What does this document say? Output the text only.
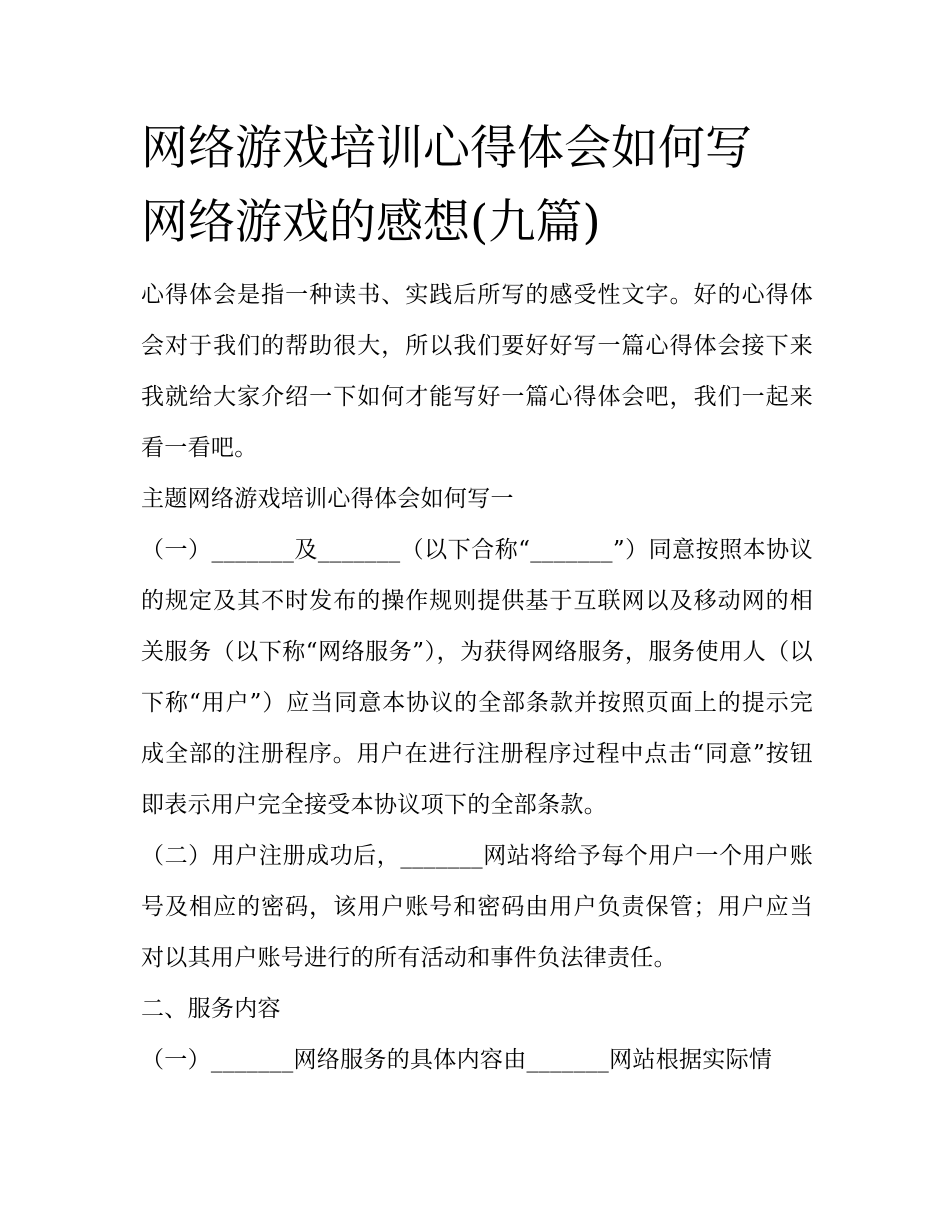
网络游戏培训心得体会如何写
网络游戏的感想(九篇)

心得体会是指一种读书、实践后所写的感受性文字。好的心得体会对于我们的帮助很大，所以我们要好好写一篇心得体会接下来我就给大家介绍一下如何才能写好一篇心得体会吧，我们一起来看一看吧。

主题网络游戏培训心得体会如何写一

（一）_______及_______（以下合称“_______”）同意按照本协议的规定及其不时发布的操作规则提供基于互联网以及移动网的相关服务（以下称“网络服务”），为获得网络服务，服务使用人（以下称“用户”）应当同意本协议的全部条款并按照页面上的提示完成全部的注册程序。用户在进行注册程序过程中点击“同意”按钮即表示用户完全接受本协议项下的全部条款。

（二）用户注册成功后，_______网站将给予每个用户一个用户账号及相应的密码，该用户账号和密码由用户负责保管；用户应当对以其用户账号进行的所有活动和事件负法律责任。

二、服务内容

（一）_______网络服务的具体内容由_______网站根据实际情
